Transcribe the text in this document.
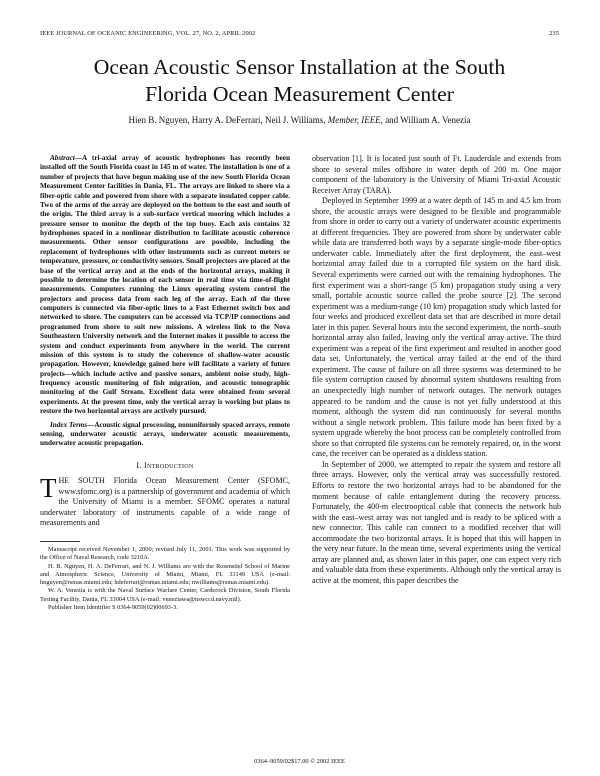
IEEE JOURNAL OF OCEANIC ENGINEERING, VOL. 27, NO. 2, APRIL 2002	235
Ocean Acoustic Sensor Installation at the South
Florida Ocean Measurement Center
Hien B. Nguyen, Harry A. DeFerrari, Neil J. Williams, Member, IEEE, and William A. Venezia

Abstract—A tri-axial array of acoustic hydrophones has recently been installed off the South Florida coast in 145 m of water. The installation is one of a number of projects that have begun making use of the new South Florida Ocean Measurement Center facilities in Dania, FL. The arrays are linked to shore via a fiber-optic cable and powered from shore with a separate insulated copper cable. Two of the arms of the array are deployed on the bottom to the east and south of the origin. The third array is a sub-surface vertical mooring which includes a pressure sensor to monitor the depth of the top buoy. Each axis contains 32 hydrophones spaced in a nonlinear distribution to facilitate acoustic coherence measurements. Other sensor configurations are possible, including the replacement of hydrophones with other instruments such as current meters or temperature, pressure, or conductivity sensors. Small projectors are placed at the base of the vertical array and at the ends of the horizontal arrays, making it possible to determine the location of each sensor in real time via time-of-flight measurements. Computers running the Linux operating system control the projectors and process data from each leg of the array. Each of the three computers is connected via fiber-optic lines to a Fast Ethernet switch box and networked to shore. The computers can be accessed via TCP/IP connections and programmed from shore to suit new missions. A wireless link to the Nova Southeastern University network and the Internet makes it possible to access the system and conduct experiments from anywhere in the world. The current mission of this system is to study the coherence of shallow-water acoustic propagation. However, knowledge gained here will facilitate a variety of future projects—which include active and passive sonars, ambient noise study, high-frequency acoustic monitoring of fish migration, and acoustic tomographic monitoring of the Gulf Stream. Excellent data were obtained from several experiments. At the present time, only the vertical array is working but plans to restore the two horizontal arrays are actively pursued.

Index Terms—Acoustic signal processing, nonuniformly spaced arrays, remote sensing, underwater acoustic arrays, underwater acoustic measurements, underwater acoustic propagation.

I. Introduction

THE SOUTH Florida Ocean Measurement Center (SFOMC, www.sfomc.org) is a partnership of government and academia of which the University of Miami is a member. SFOMC operates a natural underwater laboratory of instruments capable of a wide range of measurements and

Manuscript received November 1, 2000; revised July 11, 2001. This work was supported by the Office of Naval Research, code 3210A.

H. B. Nguyen, H. A. DeFerrari, and N. J. Williams are with the Rosenstiel School of Marine and Atmospheric Science, University of Miami, Miami, FL 33149 USA (e-mail: hnguyen@rsmas.miami.edu; hdeferrari@rsmas.miami.edu; nwilliams@rsmas.miami.edu).

W. A. Venezia is with the Naval Surface Warfare Center, Carderock Division, South Florida Testing Facility, Dania, FL 33004 USA (e-mail: veneziawa@nswccd.navy.mil).

Publisher Item Identifier S 0364-9059(02)00693-3.

observation [1]. It is located just south of Ft. Lauderdale and extends from shore to several miles offshore in water depth of 200 m. One major component of the laboratory is the University of Miami Tri-axial Acoustic Receiver Array (TARA).

Deployed in September 1999 at a water depth of 145 m and 4.5 km from shore, the acoustic arrays were designed to be flexible and programmable from shore in order to carry out a variety of underwater acoustic experiments at different frequencies. They are powered from shore by underwater cable while data are transferred both ways by a separate single-mode fiber-optics underwater cable. Immediately after the first deployment, the east–west horizontal array failed due to a corrupted file system on the hard disk. Several experiments were carried out with the remaining hydrophones. The first experiment was a short-range (5 km) propagation study using a very small, portable acoustic source called the probe source [2]. The second experiment was a medium-range (10 km) propagation study which lasted for four weeks and produced excellent data set that are described in more detail later in this paper. Several hours into the second experiment, the north–south horizontal array also failed, leaving only the vertical array active. The third experiment was a repeat of the first experiment and resulted in another good data set. Unfortunately, the vertical array failed at the end of the third experiment. The cause of failure on all three systems was determined to be file system corruption caused by abnormal system shutdowns resulting from an unexpectedly high number of network outages. The network outages appeared to be random and the cause is not yet fully understood at this moment, although the system did run continuously for several months without a single network problem. This failure mode has been fixed by a system upgrade whereby the boot process can be completely controlled from shore so that corrupted file systems can be remotely repaired, or, in the worst case, the receiver can be operated as a diskless station.

In September of 2000, we attempted to repair the system and restore all three arrays. However, only the vertical array was successfully restored. Efforts to restore the two horizontal arrays had to be abandoned for the moment because of cable entanglement during the recovery process. Fortunately, the 400-m electrooptical cable that connects the network hub with the east–west array was not tangled and is ready to be spliced with a new connector. This cable can connect to a modified receiver that will accommodate the two horizontal arrays. It is hoped that this will happen in the very near future. In the mean time, several experiments using the vertical array are planned and, as shown later in this paper, one can expect very rich and valuable data from these experiments. Although only the vertical array is active at the moment, this paper describes the

0364–9059/02$17.00 © 2002 IEEE
